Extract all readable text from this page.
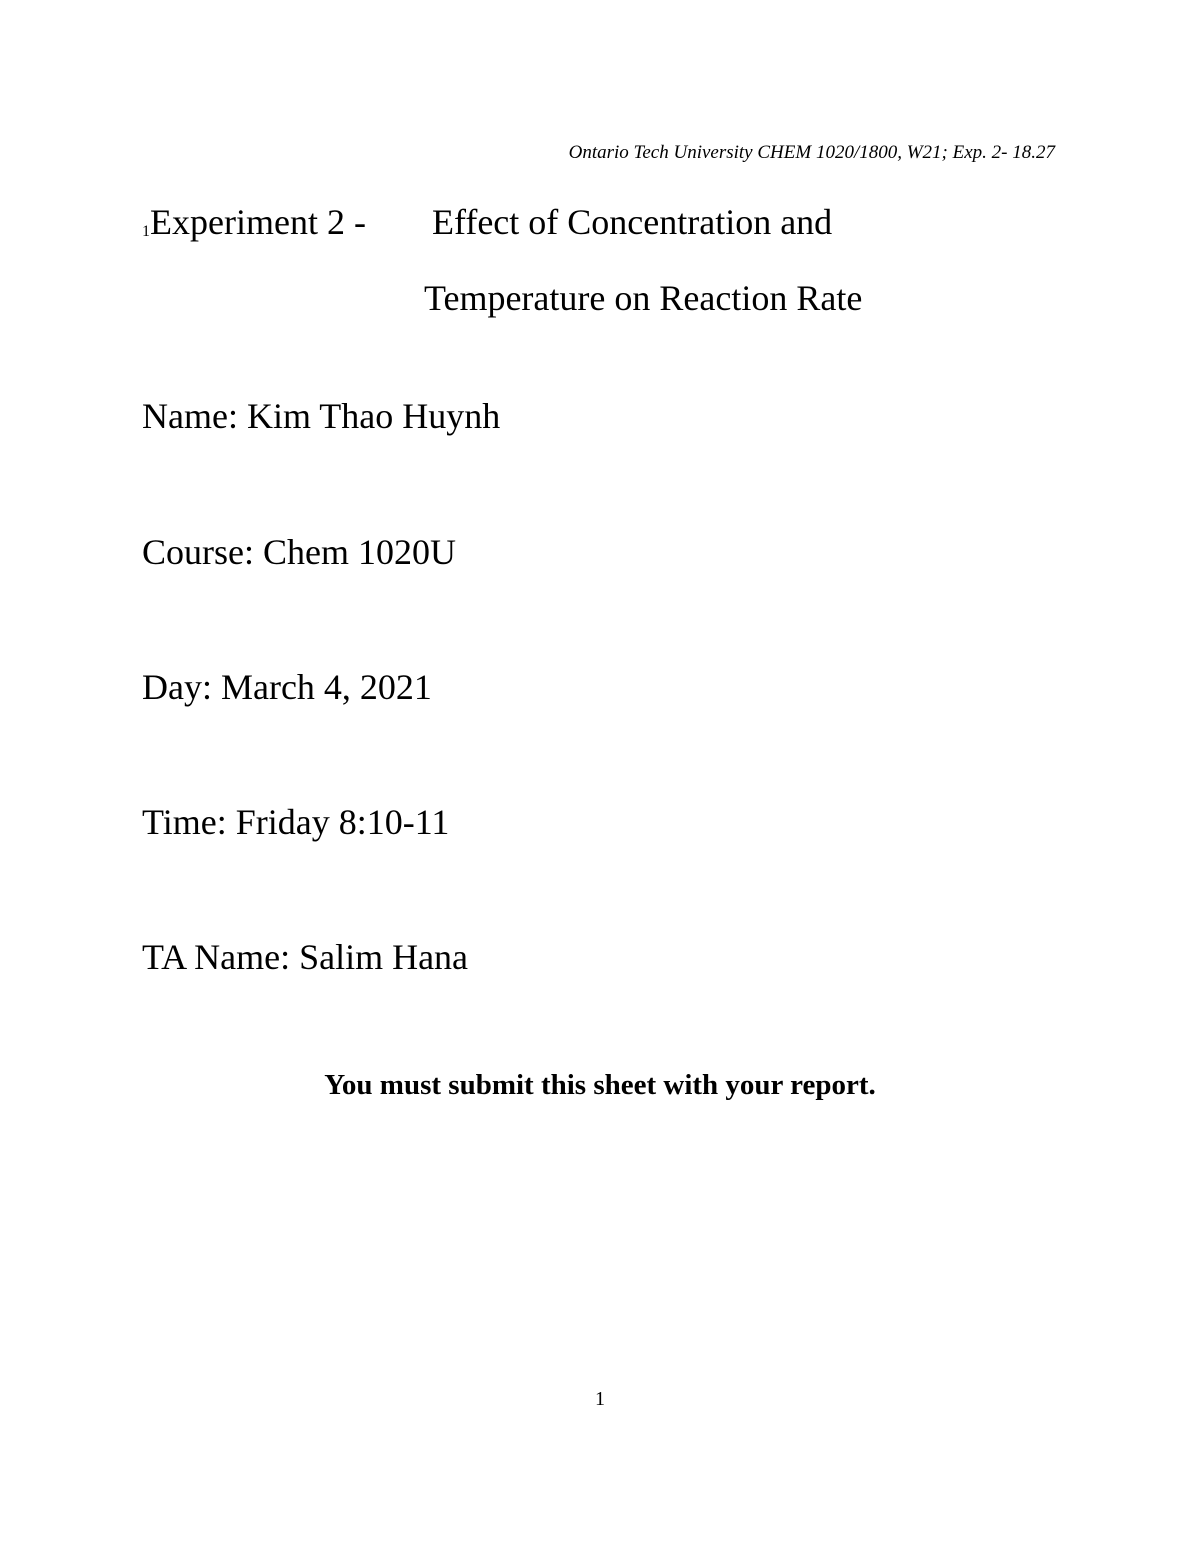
Ontario Tech University CHEM 1020/1800, W21; Exp. 2- 18.27
1 Experiment 2 -	Effect of Concentration and
Temperature on Reaction Rate
Name: Kim Thao Huynh
Course: Chem 1020U
Day: March 4, 2021
Time: Friday 8:10-11
TA Name: Salim Hana
You must submit this sheet with your report.
1
